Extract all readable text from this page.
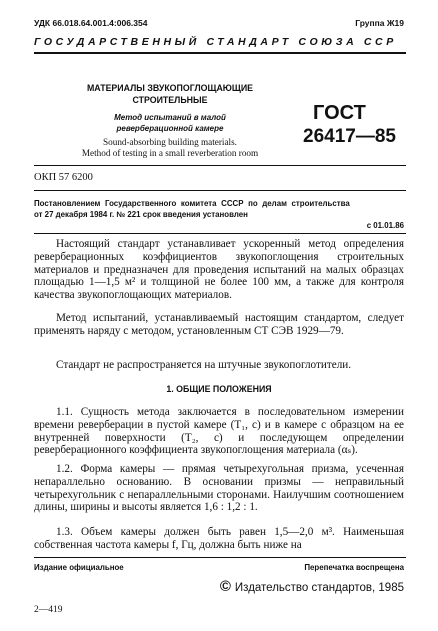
УДК 66.018.64.001.4:006.354	Группа Ж19
ГОСУДАРСТВЕННЫЙ СТАНДАРТ СОЮЗА ССР
МАТЕРИАЛЫ ЗВУКОПОГЛОЩАЮЩИЕ
СТРОИТЕЛЬНЫЕ
Метод испытаний в малой
реверберационной камере
Sound-absorbing building materials.
Method of testing in a small reverberation room
ГОСТ
26417—85
ОКП 57 6200
Постановлением Государственного комитета СССР по делам строительства
от 27 декабря 1984 г. № 221 срок введения установлен
с 01.01.86
Настоящий стандарт устанавливает ускоренный метод определения реверберационных коэффициентов звукопоглощения строительных материалов и предназначен для проведения испытаний на малых образцах площадью 1—1,5 м² и толщиной не более 100 мм, а также для контроля качества звукопоглощающих материалов.
Метод испытаний, устанавливаемый настоящим стандартом, следует применять наряду с методом, установленным СТ СЭВ 1929—79.
Стандарт не распространяется на штучные звукопоглотители.
1. ОБЩИЕ ПОЛОЖЕНИЯ
1.1. Сущность метода заключается в последовательном измерении времени реверберации в пустой камере (T₁, c) и в камере с образцом на ее внутренней поверхности (T₂, c) и последующем определении реверберационного коэффициента звукопоглощения материала (αₛ).
1.2. Форма камеры — прямая четырехугольная призма, усеченная непараллельно основанию. В основании призмы — неправильный четырехугольник с непараллельными сторонами. Наилучшим соотношением длины, ширины и высоты является 1,6 : 1,2 : 1.
1.3. Объем камеры должен быть равен 1,5—2,0 м³. Наименьшая собственная частота камеры f, Гц, должна быть ниже на
Издание официальное	Перепечатка воспрещена
© Издательство стандартов, 1985
2—419
